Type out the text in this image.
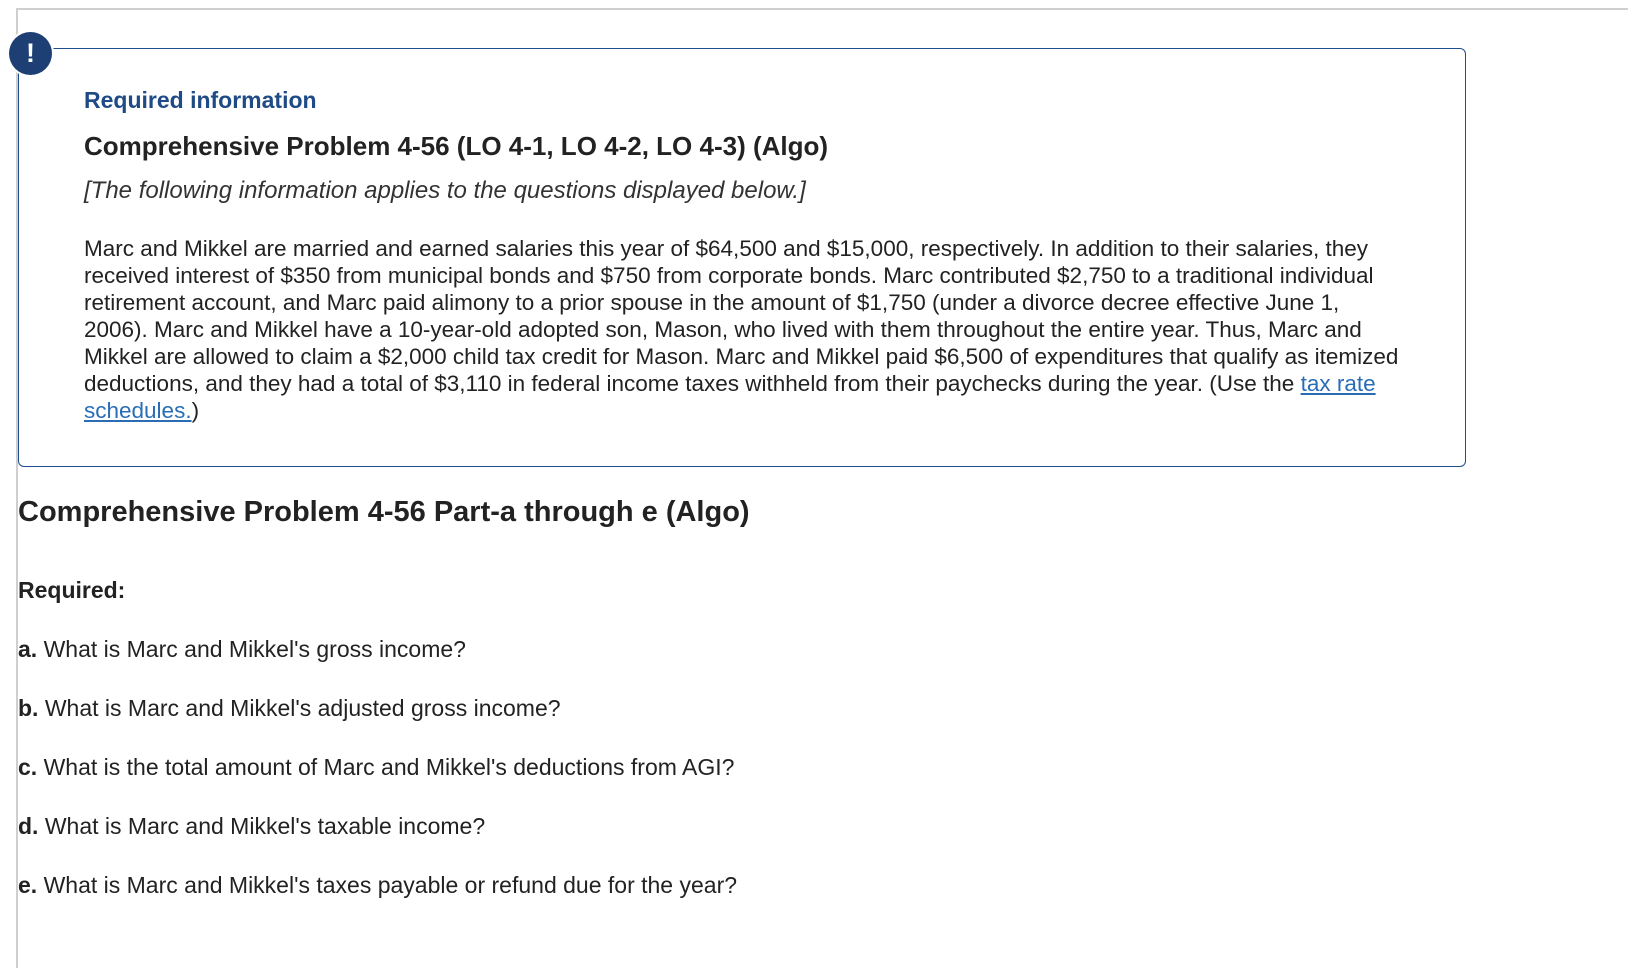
!

Required information

Comprehensive Problem 4-56 (LO 4-1, LO 4-2, LO 4-3) (Algo)

[The following information applies to the questions displayed below.]

Marc and Mikkel are married and earned salaries this year of $64,500 and $15,000, respectively. In addition to their salaries, they received interest of $350 from municipal bonds and $750 from corporate bonds. Marc contributed $2,750 to a traditional individual retirement account, and Marc paid alimony to a prior spouse in the amount of $1,750 (under a divorce decree effective June 1, 2006). Marc and Mikkel have a 10-year-old adopted son, Mason, who lived with them throughout the entire year. Thus, Marc and Mikkel are allowed to claim a $2,000 child tax credit for Mason. Marc and Mikkel paid $6,500 of expenditures that qualify as itemized deductions, and they had a total of $3,110 in federal income taxes withheld from their paychecks during the year. (Use the tax rate schedules.)

Comprehensive Problem 4-56 Part-a through e (Algo)

Required:

a. What is Marc and Mikkel's gross income?

b. What is Marc and Mikkel's adjusted gross income?

c. What is the total amount of Marc and Mikkel's deductions from AGI?

d. What is Marc and Mikkel's taxable income?

e. What is Marc and Mikkel's taxes payable or refund due for the year?
